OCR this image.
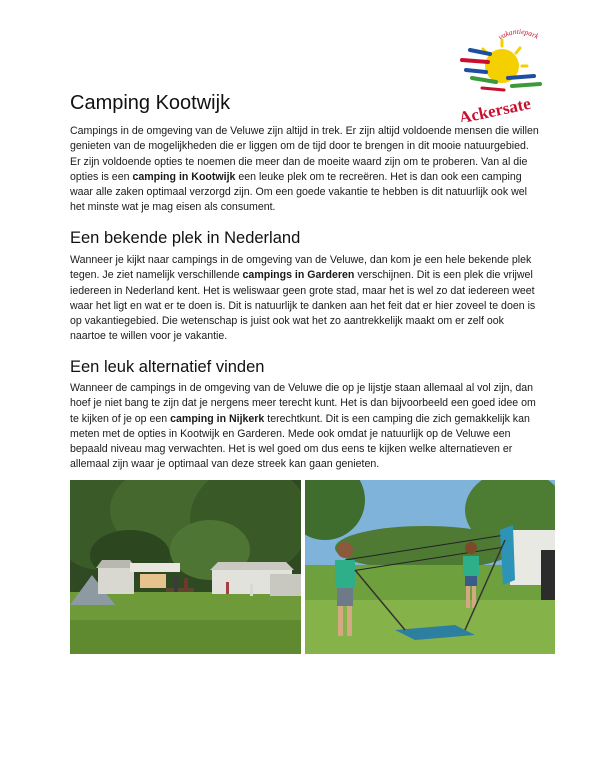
vakantiepark
Ackersate
Camping Kootwijk

Campings in de omgeving van de Veluwe zijn altijd in trek. Er zijn altijd voldoende mensen die willen genieten van de mogelijkheden die er liggen om de tijd door te brengen in dit mooie natuurgebied. Er zijn voldoende opties te noemen die meer dan de moeite waard zijn om te proberen. Van al die opties is een camping in Kootwijk een leuke plek om te recreëren. Het is dan ook een camping waar alle zaken optimaal verzorgd zijn. Om een goede vakantie te hebben is dit natuurlijk ook wel het minste wat je mag eisen als consument.

Een bekende plek in Nederland

Wanneer je kijkt naar campings in de omgeving van de Veluwe, dan kom je een hele bekende plek tegen. Je ziet namelijk verschillende campings in Garderen verschijnen. Dit is een plek die vrijwel iedereen in Nederland kent. Het is weliswaar geen grote stad, maar het is wel zo dat iedereen weet waar het ligt en wat er te doen is. Dit is natuurlijk te danken aan het feit dat er hier zoveel te doen is op vakantiegebied. Die wetenschap is juist ook wat het zo aantrekkelijk maakt om er zelf ook naartoe te willen voor je vakantie.

Een leuk alternatief vinden

Wanneer de campings in de omgeving van de Veluwe die op je lijstje staan allemaal al vol zijn, dan hoef je niet bang te zijn dat je nergens meer terecht kunt. Het is dan bijvoorbeeld een goed idee om te kijken of je op een camping in Nijkerk terechtkunt. Dit is een camping die zich gemakkelijk kan meten met de opties in Kootwijk en Garderen. Mede ook omdat je natuurlijk op de Veluwe een bepaald niveau mag verwachten. Het is wel goed om dus eens te kijken welke alternatieven er allemaal zijn waar je optimaal van deze streek kan gaan genieten.
